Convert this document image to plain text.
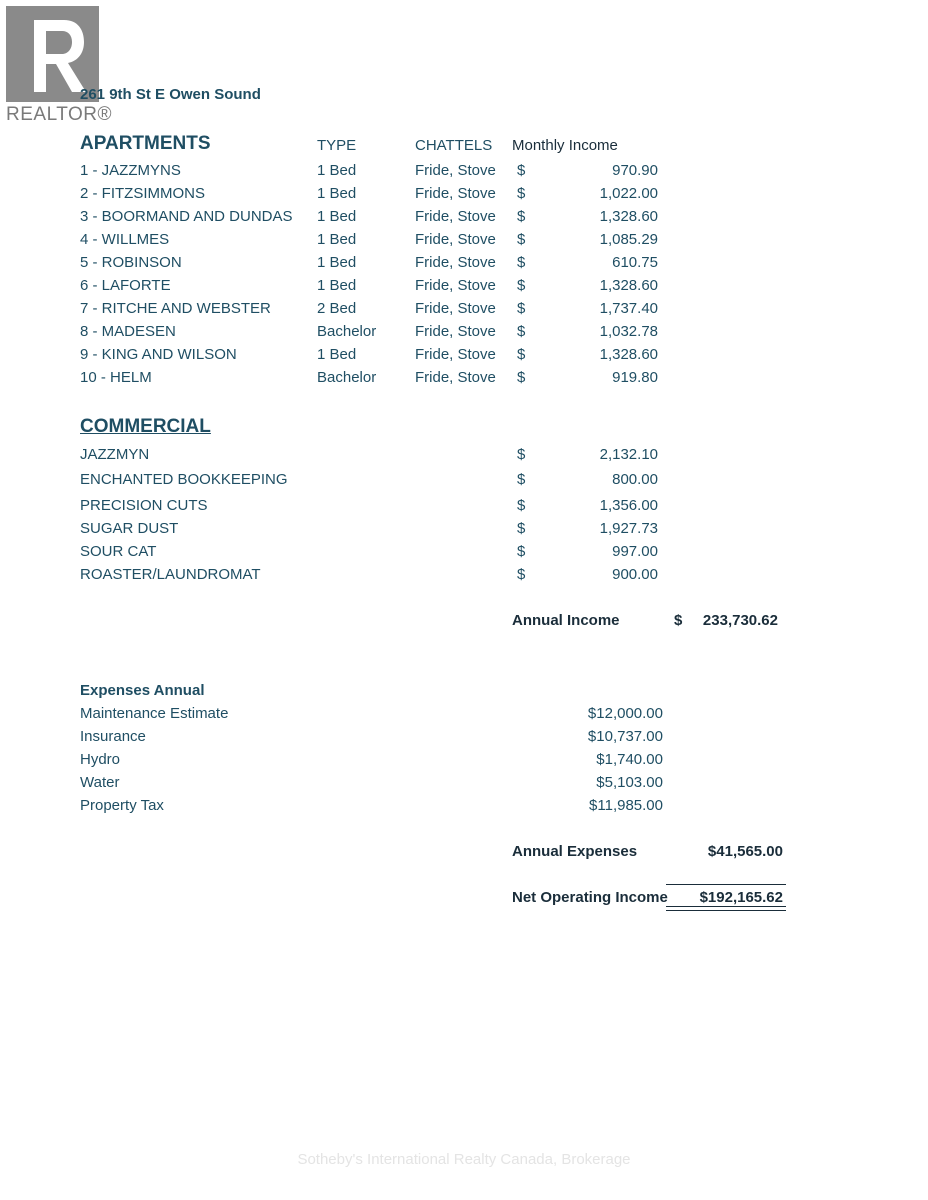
REALTOR®
261 9th St E Owen Sound
APARTMENTS	TYPE	CHATTELS Monthly Income
1 - JAZZMYNS	1 Bed	Fride, Stove $	970.90
2 - FITZSIMMONS	1 Bed	Fride, Stove $	1,022.00
3 - BOORMAND AND DUNDAS 1 Bed	Fride, Stove $	1,328.60
4 - WILLMES	1 Bed	Fride, Stove $	1,085.29
5 - ROBINSON	1 Bed	Fride, Stove $	610.75
6 - LAFORTE	1 Bed	Fride, Stove $	1,328.60
7 - RITCHE AND WEBSTER	2 Bed	Fride, Stove $	1,737.40
8 - MADESEN	Bachelor	Fride, Stove $	1,032.78
9 - KING AND WILSON	1 Bed	Fride, Stove $	1,328.60
10 - HELM	Bachelor	Fride, Stove $	919.80
COMMERCIAL
JAZZMYN	$	2,132.10
ENCHANTED BOOKKEEPING	$	800.00
PRECISION CUTS	$	1,356.00
SUGAR DUST	$	1,927.73
SOUR CAT	$	997.00
ROASTER/LAUNDROMAT	$	900.00
Annual Income	$	233,730.62
Expenses Annual
Maintenance Estimate	$12,000.00
Insurance	$10,737.00
Hydro	$1,740.00
Water	$5,103.00
Property Tax	$11,985.00
Annual Expenses	$41,565.00
Net Operating Income	$192,165.62
Sotheby's International Realty Canada, Brokerage
